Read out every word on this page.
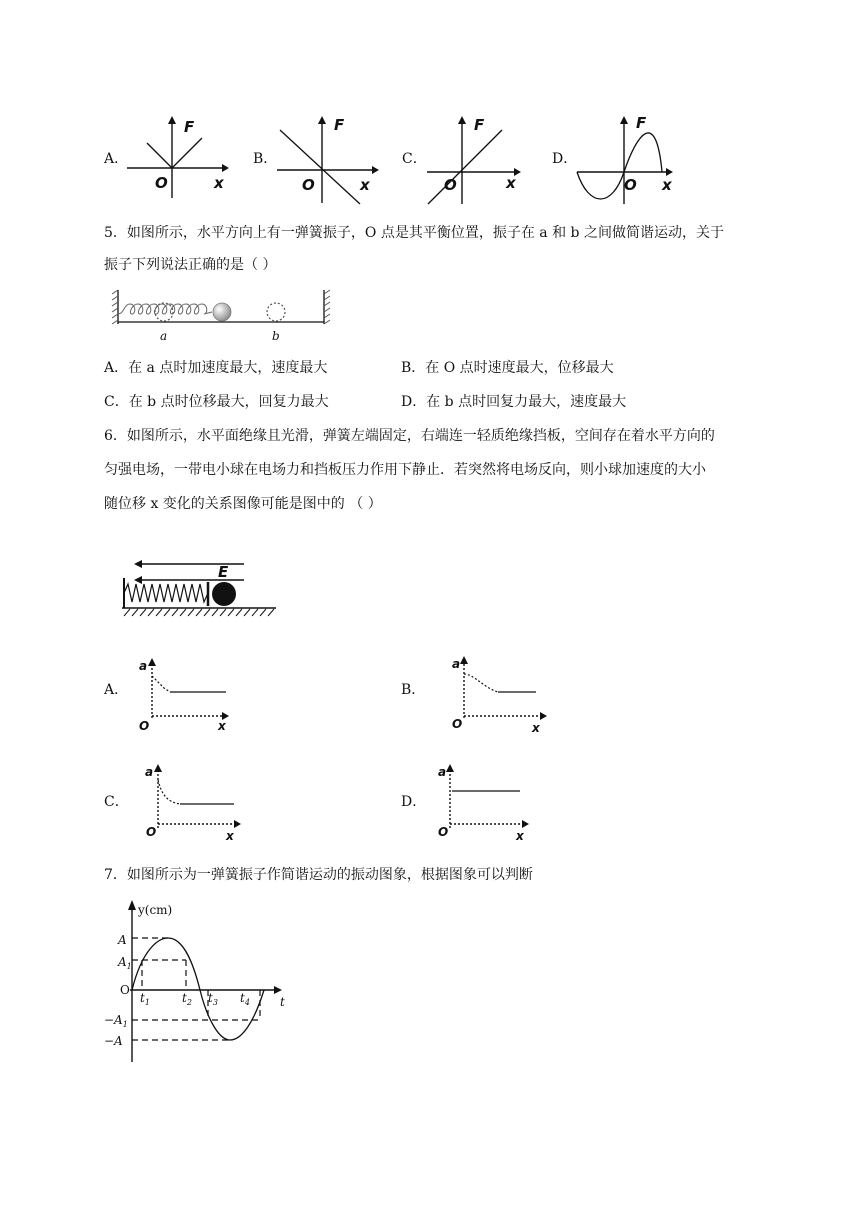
A．
F
O	x
B．
F
O	x
C．
F
O	x
D．
F
O x
5．如图所示，水平方向上有一弹簧振子，O 点是其平衡位置，振子在 a 和 b 之间做简谐运动，关于
振子下列说法正确的是（ ）
a	b
A．在 a 点时加速度最大，速度最大	B．在 O 点时速度最大，位移最大
C．在 b 点时位移最大，回复力最大	D．在 b 点时回复力最大，速度最大
6．如图所示，水平面绝缘且光滑，弹簧左端固定，右端连一轻质绝缘挡板，空间存在着水平方向的
匀强电场，一带电小球在电场力和挡板压力作用下静止．若突然将电场反向，则小球加速度的大小
随位移 x 变化的关系图像可能是图中的 （ ）
E
A．
a
O	x
B．
a
O	x
C．
a
O	x
D．
a
O	x
7．如图所示为一弹簧振子作简谐运动的振动图象，根据图象可以判断
y(cm)
t
A
$A_1$
O
$-A_1$
−A
$t_1$	$t_2$ $t_3$ $t_4$
